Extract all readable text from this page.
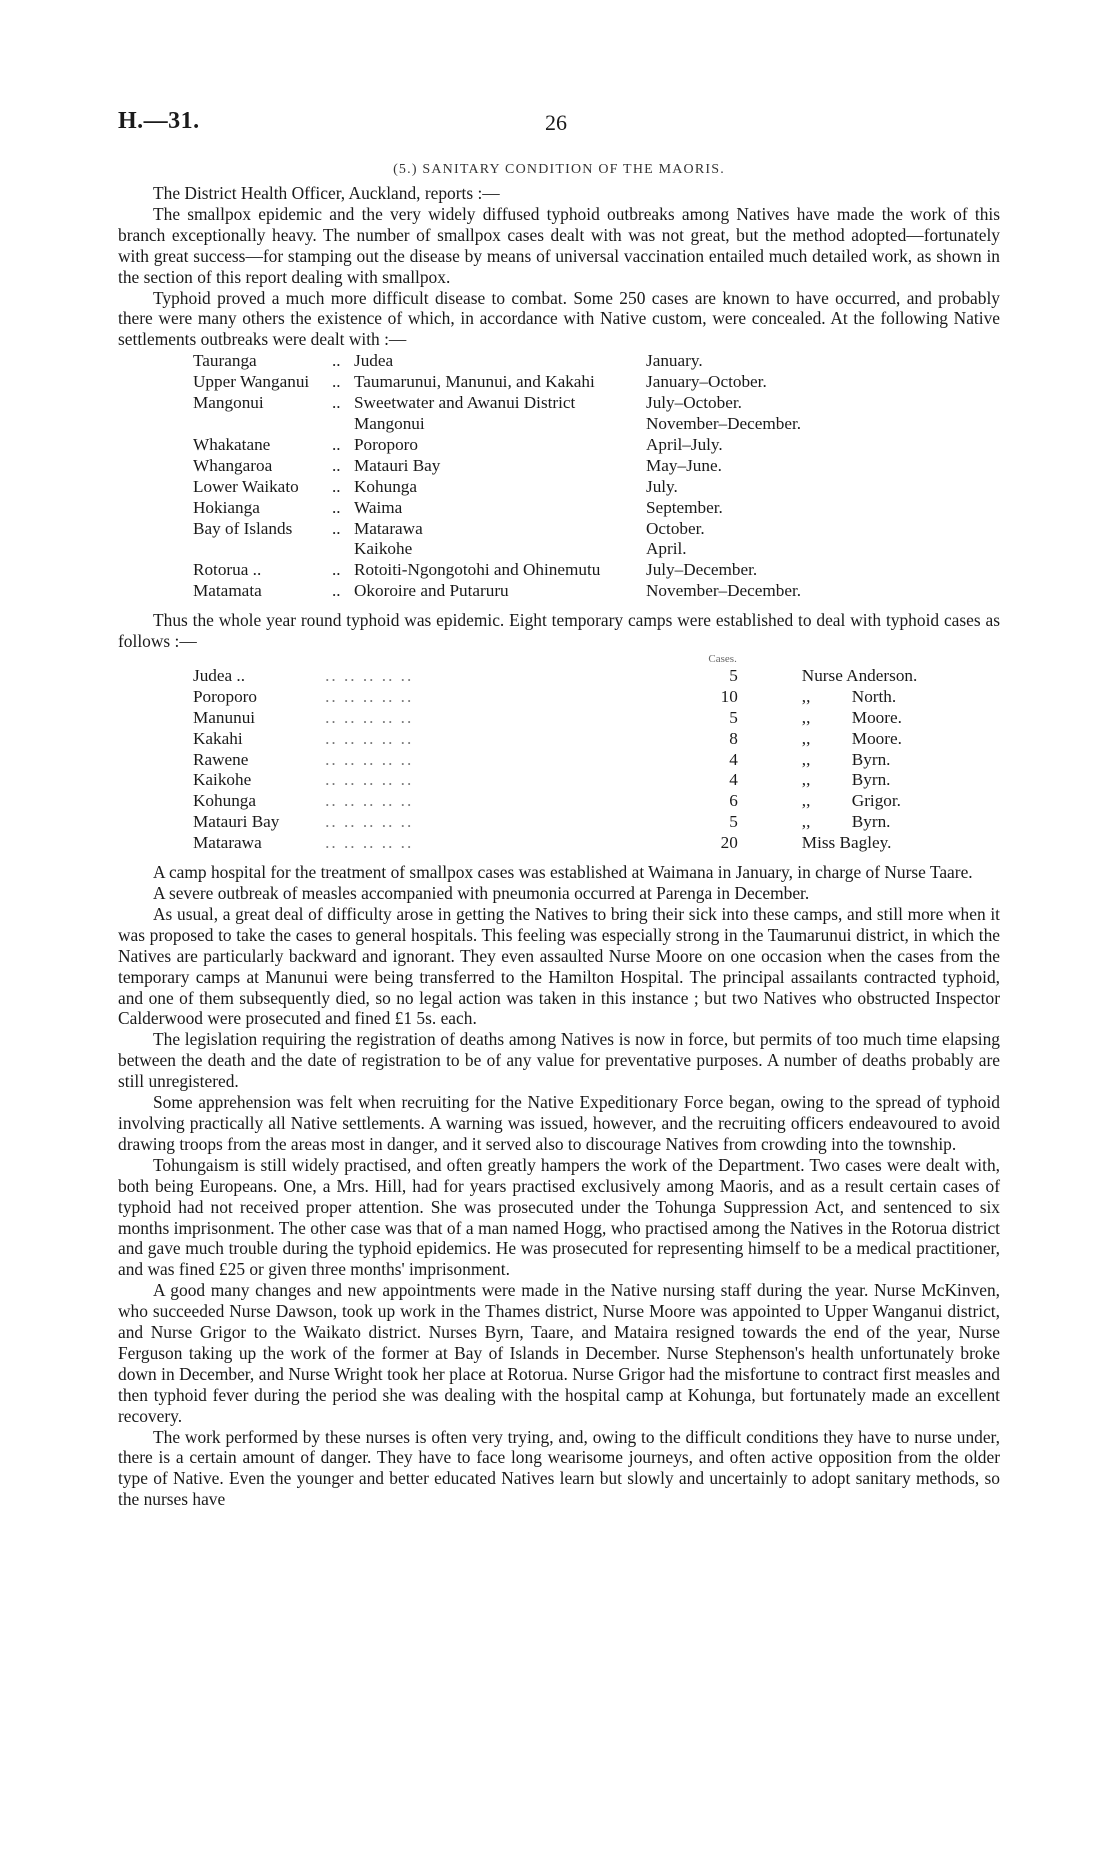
H.—31.	26
(5.) SANITARY CONDITION OF THE MAORIS.

The District Health Officer, Auckland, reports :—

The smallpox epidemic and the very widely diffused typhoid outbreaks among Natives have made the work of this branch exceptionally heavy. The number of smallpox cases dealt with was not great, but the method adopted—fortunately with great success—for stamping out the disease by means of universal vaccination entailed much detailed work, as shown in the section of this report dealing with smallpox.

Typhoid proved a much more difficult disease to combat. Some 250 cases are known to have occurred, and probably there were many others the existence of which, in accordance with Native custom, were concealed. At the following Native settlements outbreaks were dealt with :—

Tauranga	..	Judea	January.
Upper Wanganui	..	Taumarunui, Manunui, and Kakahi	January–October.
Mangonui	..	Sweetwater and Awanui District	July–October.
		Mangonui	November–December.
Whakatane	..	Poroporo	April–July.
Whangaroa	..	Matauri Bay	May–June.
Lower Waikato	..	Kohunga	July.
Hokianga	..	Waima	September.
Bay of Islands	..	Matarawa	October.
		Kaikohe	April.
Rotorua ..	..	Rotoiti-Ngongotohi and Ohinemutu	July–December.
Matamata	..	Okoroire and Putaruru	November–December.

Thus the whole year round typhoid was epidemic. Eight temporary camps were established to deal with typhoid cases as follows :—

		Cases.	
Judea ..	.. .. .. .. ..	5	Nurse Anderson.
Poroporo	.. .. .. .. ..	10	,, North.
Manunui	.. .. .. .. ..	5	,, Moore.
Kakahi	.. .. .. .. ..	8	,, Moore.
Rawene	.. .. .. .. ..	4	,, Byrn.
Kaikohe	.. .. .. .. ..	4	,, Byrn.
Kohunga	.. .. .. .. ..	6	,, Grigor.
Matauri Bay	.. .. .. .. ..	5	,, Byrn.
Matarawa	.. .. .. .. ..	20	Miss Bagley.

A camp hospital for the treatment of smallpox cases was established at Waimana in January, in charge of Nurse Taare.

A severe outbreak of measles accompanied with pneumonia occurred at Parenga in December.

As usual, a great deal of difficulty arose in getting the Natives to bring their sick into these camps, and still more when it was proposed to take the cases to general hospitals. This feeling was especially strong in the Taumarunui district, in which the Natives are particularly backward and ignorant. They even assaulted Nurse Moore on one occasion when the cases from the temporary camps at Manunui were being transferred to the Hamilton Hospital. The principal assailants contracted typhoid, and one of them subsequently died, so no legal action was taken in this instance ; but two Natives who obstructed Inspector Calderwood were prosecuted and fined £1 5s. each.

The legislation requiring the registration of deaths among Natives is now in force, but permits of too much time elapsing between the death and the date of registration to be of any value for preventative purposes. A number of deaths probably are still unregistered.

Some apprehension was felt when recruiting for the Native Expeditionary Force began, owing to the spread of typhoid involving practically all Native settlements. A warning was issued, however, and the recruiting officers endeavoured to avoid drawing troops from the areas most in danger, and it served also to discourage Natives from crowding into the township.

Tohungaism is still widely practised, and often greatly hampers the work of the Department. Two cases were dealt with, both being Europeans. One, a Mrs. Hill, had for years practised exclusively among Maoris, and as a result certain cases of typhoid had not received proper attention. She was prosecuted under the Tohunga Suppression Act, and sentenced to six months imprisonment. The other case was that of a man named Hogg, who practised among the Natives in the Rotorua district and gave much trouble during the typhoid epidemics. He was prosecuted for representing himself to be a medical practitioner, and was fined £25 or given three months' imprisonment.

A good many changes and new appointments were made in the Native nursing staff during the year. Nurse McKinven, who succeeded Nurse Dawson, took up work in the Thames district, Nurse Moore was appointed to Upper Wanganui district, and Nurse Grigor to the Waikato district. Nurses Byrn, Taare, and Mataira resigned towards the end of the year, Nurse Ferguson taking up the work of the former at Bay of Islands in December. Nurse Stephenson's health unfortunately broke down in December, and Nurse Wright took her place at Rotorua. Nurse Grigor had the misfortune to contract first measles and then typhoid fever during the period she was dealing with the hospital camp at Kohunga, but fortunately made an excellent recovery.

The work performed by these nurses is often very trying, and, owing to the difficult conditions they have to nurse under, there is a certain amount of danger. They have to face long wearisome journeys, and often active opposition from the older type of Native. Even the younger and better educated Natives learn but slowly and uncertainly to adopt sanitary methods, so the nurses have
